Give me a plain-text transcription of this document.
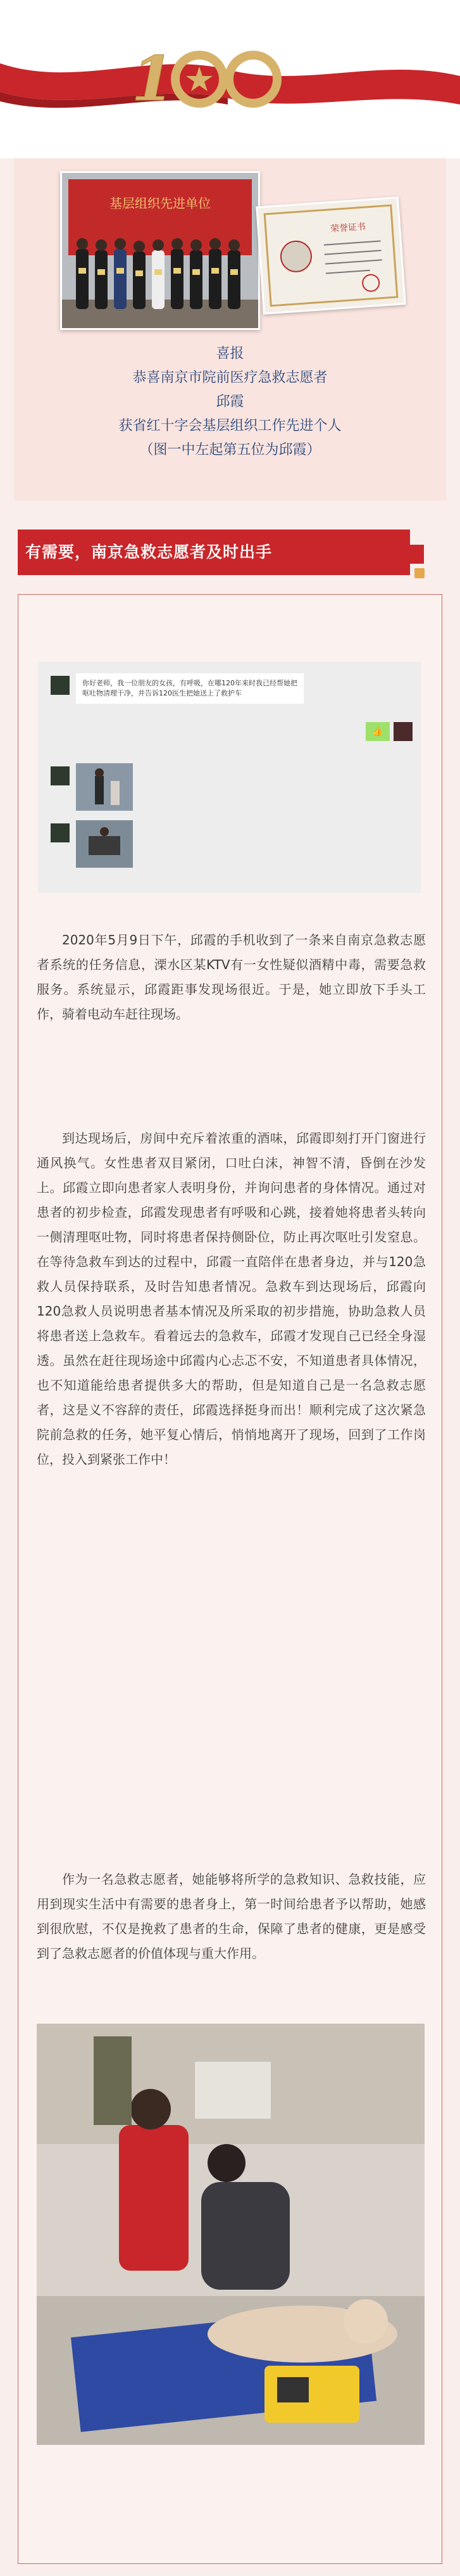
1
基层组织先进单位
荣誉证书
喜报
恭喜南京市院前医疗急救志愿者
邱霞
获省红十字会基层组织工作先进个人
（图一中左起第五位为邱霞）
有需要，南京急救志愿者及时出手
你好老师，我一位朋友的女孩，有呼吸，在哪120年来时我已经帮她把呕吐物清理干净，并告诉120医生把她送上了救护车
👍

2020年5月9日下午，邱霞的手机收到了一条来自南京急救志愿者系统的任务信息，溧水区某KTV有一女性疑似酒精中毒，需要急救服务。系统显示，邱霞距事发现场很近。于是，她立即放下手头工作，骑着电动车赶往现场。

到达现场后，房间中充斥着浓重的酒味，邱霞即刻打开门窗进行通风换气。女性患者双目紧闭，口吐白沫，神智不清，昏倒在沙发上。邱霞立即向患者家人表明身份，并询问患者的身体情况。通过对患者的初步检查，邱霞发现患者有呼吸和心跳，接着她将患者头转向一侧清理呕吐物，同时将患者保持侧卧位，防止再次呕吐引发窒息。在等待急救车到达的过程中，邱霞一直陪伴在患者身边，并与120急救人员保持联系，及时告知患者情况。急救车到达现场后，邱霞向120急救人员说明患者基本情况及所采取的初步措施，协助急救人员将患者送上急救车。看着远去的急救车，邱霞才发现自己已经全身湿透。虽然在赶往现场途中邱霞内心忐忑不安，不知道患者具体情况，也不知道能给患者提供多大的帮助，但是知道自己是一名急救志愿者，这是义不容辞的责任，邱霞选择挺身而出！顺利完成了这次紧急院前急救的任务，她平复心情后，悄悄地离开了现场，回到了工作岗位，投入到紧张工作中！

作为一名急救志愿者，她能够将所学的急救知识、急救技能，应用到现实生活中有需要的患者身上，第一时间给患者予以帮助，她感到很欣慰，不仅是挽救了患者的生命，保障了患者的健康，更是感受到了急救志愿者的价值体现与重大作用。
